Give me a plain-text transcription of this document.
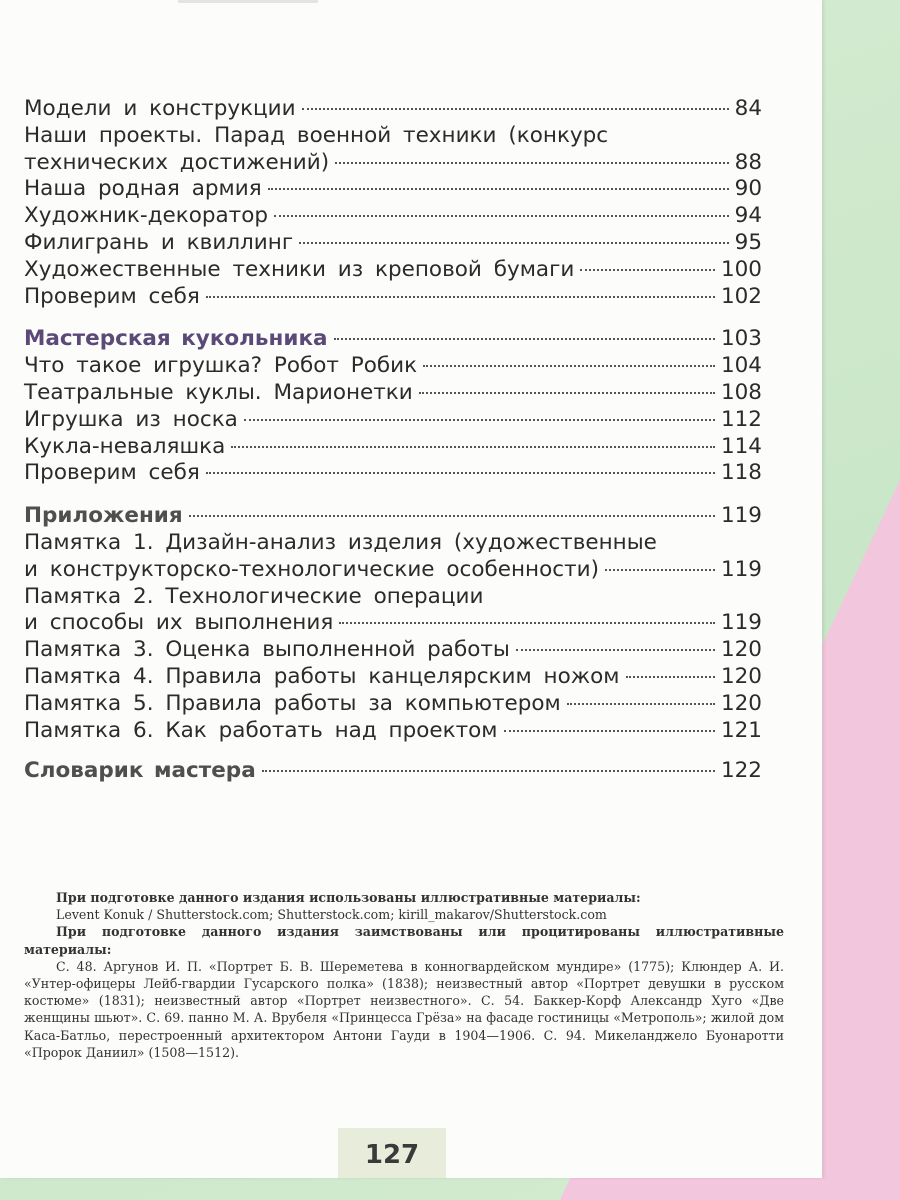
Модели и конструкции	84
Наши проекты. Парад военной техники (конкурс
технических достижений)	88
Наша родная армия	90
Художник-декоратор	94
Филигрань и квиллинг	95
Художественные техники из креповой бумаги	100
Проверим себя	102
Мастерская кукольника	103
Что такое игрушка? Робот Робик	104
Театральные куклы. Марионетки	108
Игрушка из носка	112
Кукла-неваляшка	114
Проверим себя	118
Приложения	119
Памятка 1. Дизайн-анализ изделия (художественные
и конструкторско-технологические особенности)	119
Памятка 2. Технологические операции
и способы их выполнения	119
Памятка 3. Оценка выполненной работы	120
Памятка 4. Правила работы канцелярским ножом	120
Памятка 5. Правила работы за компьютером	120
Памятка 6. Как работать над проектом	121
Словарик мастера	122

При подготовке данного издания использованы иллюстративные материалы:

Levent Konuk / Shutterstock.com; Shutterstock.com; kirill_makarov/Shutterstock.com

При подготовке данного издания заимствованы или процитированы иллюстративные материалы:

С. 48. Аргунов И. П. «Портрет Б. В. Шереметева в конногвардейском мундире» (1775); Клюндер А. И. «Унтер-офицеры Лейб-гвардии Гусарского полка» (1838); неизвестный автор «Портрет девушки в русском костюме» (1831); неизвестный автор «Портрет неизвестного». С. 54. Баккер-Корф Александр Хуго «Две женщины шьют». С. 69. панно М. А. Врубеля «Принцесса Грёза» на фасаде гостиницы «Метрополь»; жилой дом Каса-Батльо, перестроенный архитектором Антони Гауди в 1904—1906. С. 94. Микеланджело Буонаротти «Пророк Даниил» (1508—1512).

127
